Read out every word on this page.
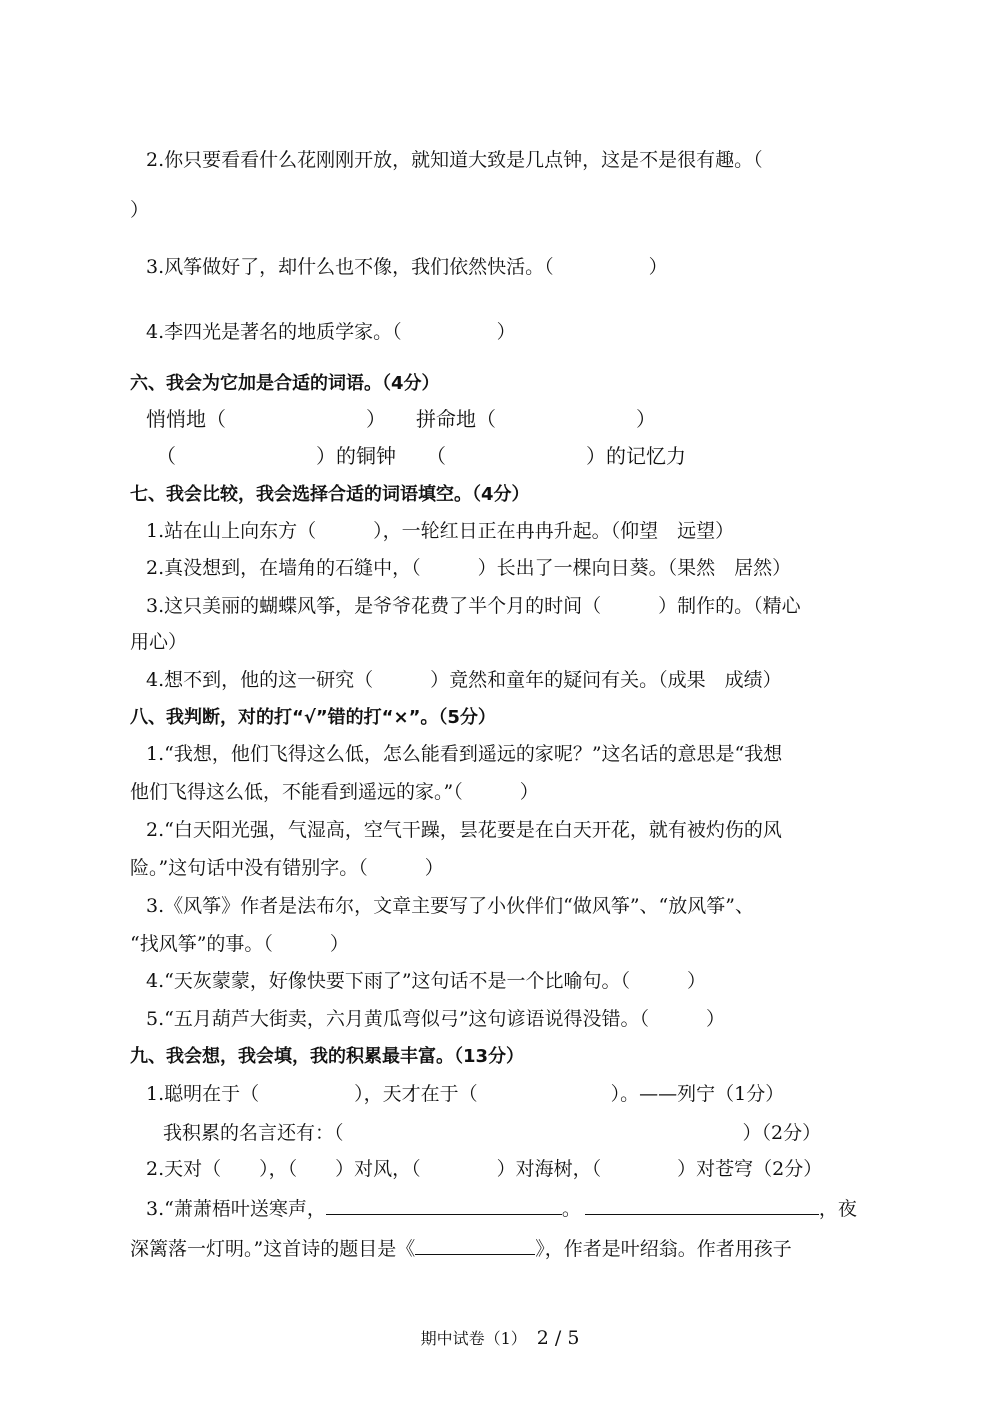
2.你只要看看什么花刚刚开放，就知道大致是几点钟，这是不是很有趣。（
）
3.风筝做好了，却什么也不像，我们依然快活。（　　　　　）
4.李四光是著名的地质学家。（　　　　　）
六、我会为它加是合适的词语。（4分）
悄悄地（　　　　　　　）　　拼命地（　　　　　　　）
（　　　　　　　）的铜钟　　（　　　　　　　）的记忆力
七、我会比较，我会选择合适的词语填空。（4分）
1.站在山上向东方（　　　），一轮红日正在冉冉升起。（仰望　远望）
2.真没想到，在墙角的石缝中，（　　　）长出了一棵向日葵。（果然　居然）
3.这只美丽的蝴蝶风筝，是爷爷花费了半个月的时间（　　　）制作的。（精心
用心）
4.想不到，他的这一研究（　　　）竟然和童年的疑问有关。（成果　成绩）
八、我判断，对的打“√”错的打“×”。（5分）
1.“我想，他们飞得这么低，怎么能看到遥远的家呢？”这名话的意思是“我想
他们飞得这么低，不能看到遥远的家。”（　　　）
2.“白天阳光强，气湿高，空气干躁，昙花要是在白天开花，就有被灼伤的风
险。”这句话中没有错别字。（　　　）
3.《风筝》作者是法布尔，文章主要写了小伙伴们“做风筝”、“放风筝”、
“找风筝”的事。（　　　）
4.“天灰蒙蒙，好像快要下雨了”这句话不是一个比喻句。（　　　）
5.“五月葫芦大街卖，六月黄瓜弯似弓”这句谚语说得没错。（　　　）
九、我会想，我会填，我的积累最丰富。（13分）
1.聪明在于（　　　　　），天才在于（　　　　　　　）。——列宁（1分）
我积累的名言还有：（　　　　　　　　　　　　　　　　　　　　　）（2分）
2.天对（　　），（　　）对风，（　　　　）对海树，（　　　　）对苍穹（2分）
3.“萧萧梧叶送寒声，	。	，夜
深篱落一灯明。”这首诗的题目是《	》，作者是叶绍翁。作者用孩子
期中试卷（1） 2 / 5
